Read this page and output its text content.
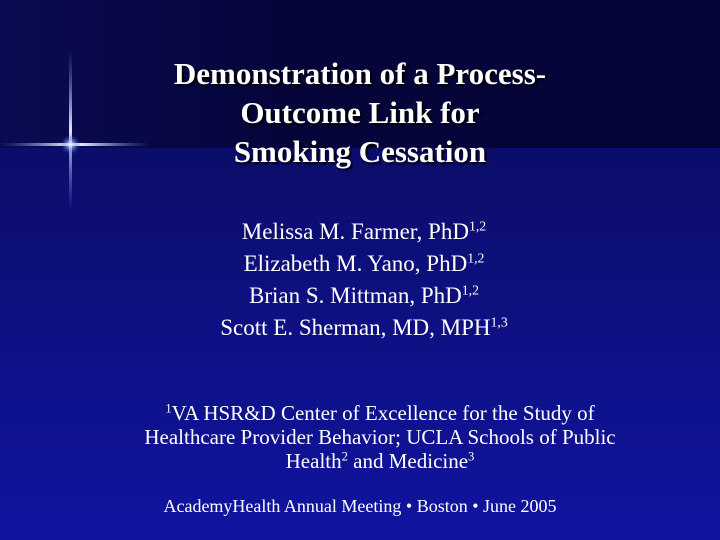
Demonstration of a Process-
Outcome Link for
Smoking Cessation
Melissa M. Farmer, PhD$^{1,2}$
Elizabeth M. Yano, PhD$^{1,2}$
Brian S. Mittman, PhD$^{1,2}$
Scott E. Sherman, MD, MPH$^{1,3}$
$^1$VA HSR&D Center of Excellence for the Study of Healthcare Provider Behavior; UCLA Schools of Public Health$^2$ and Medicine$^3$
AcademyHealth Annual Meeting • Boston • June 2005
